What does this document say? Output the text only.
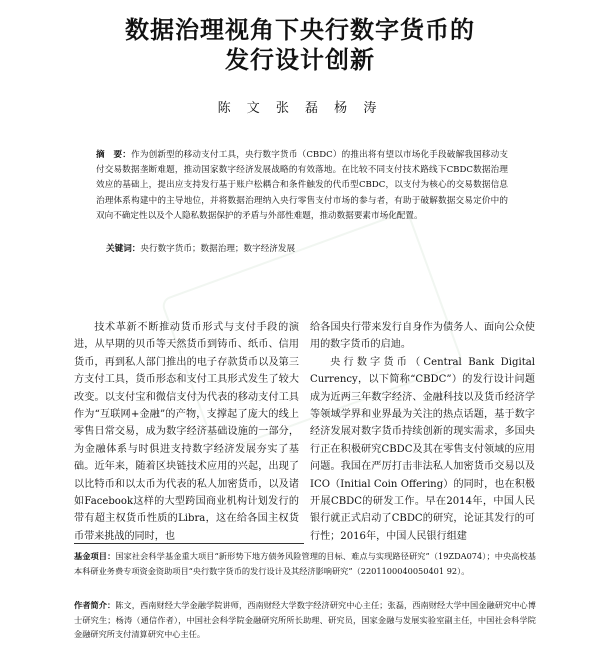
数据治理视角下央行数字货币的
发行设计创新
陈 文 张 磊 杨 涛
摘　要：作为创新型的移动支付工具，央行数字货币（CBDC）的推出将有望以市场化手段破解我国移动支付交易数据垄断难题，推动国家数字经济发展战略的有效落地。在比较不同支付技术路线下CBDC数据治理效应的基础上，提出应支持发行基于账户松耦合和条件触发的代币型CBDC，以支付为核心的交易数据信息治理体系构建中的主导地位，并将数据治理纳入央行零售支付市场的参与者，有助于破解数据交易定价中的双向不确定性以及个人隐私数据保护的矛盾与外部性难题，推动数据要素市场化配置。
关键词：央行数字货币；数据治理；数字经济发展

技术革新不断推动货币形式与支付手段的演进，从早期的贝币等天然货币到铸币、纸币、信用货币，再到私人部门推出的电子存款货币以及第三方支付工具，货币形态和支付工具形式发生了较大改变。以支付宝和微信支付为代表的移动支付工具作为“互联网+金融”的产物，支撑起了庞大的线上零售日常交易，成为数字经济基础设施的一部分，为金融体系与时俱进支持数字经济发展夯实了基础。近年来，随着区块链技术应用的兴起，出现了以比特币和以太币为代表的私人加密货币，以及诸如Facebook这样的大型跨国商业机构计划发行的带有超主权货币性质的Libra，这在给各国主权货币带来挑战的同时，也

给各国央行带来发行自身作为债务人、面向公众使用的数字货币的启迪。

央行数字货币（Central Bank Digital Currency，以下简称“CBDC”）的发行设计问题成为近两三年数字经济、金融科技以及货币经济学等领域学界和业界最为关注的热点话题，基于数字经济发展对数字货币持续创新的现实需求，多国央行正在积极研究CBDC及其在零售支付领域的应用问题。我国在严厉打击非法私人加密货币交易以及ICO（Initial Coin Offering）的同时，也在积极开展CBDC的研发工作。早在2014年，中国人民银行就正式启动了CBDC的研究，论证其发行的可行性；2016年，中国人民银行组建

基金项目：国家社会科学基金重大项目“新形势下地方债务风险管理的目标、难点与实现路径研究”（19ZDA074）；中央高校基本科研业务费专项资金资助项目“央行数字货币的发行设计及其经济影响研究”（2201100040050401 92）。
作者简介：陈文，西南财经大学金融学院讲师，西南财经大学数字经济研究中心主任；张磊，西南财经大学中国金融研究中心博士研究生；杨涛（通信作者），中国社会科学院金融研究所所长助理、研究员，国家金融与发展实验室副主任，中国社会科学院金融研究所支付清算研究中心主任。
